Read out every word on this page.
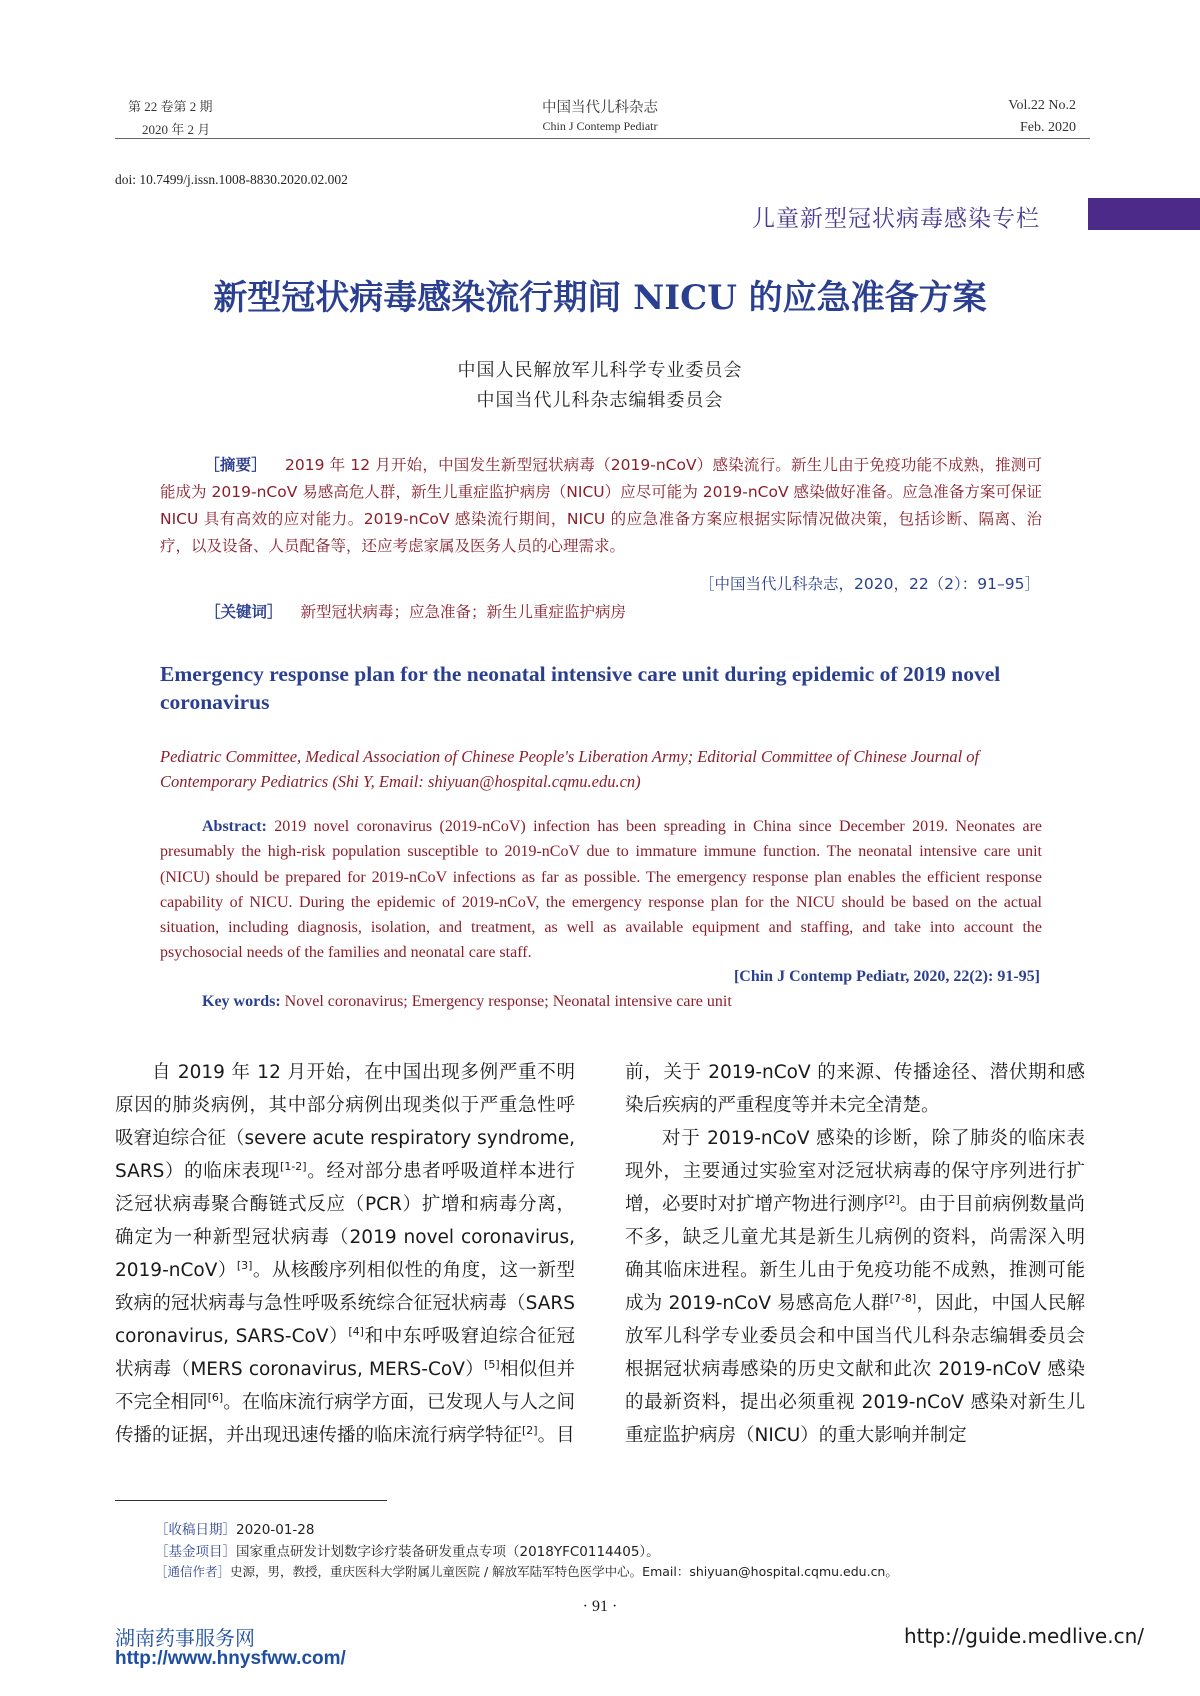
第 22 卷第 2 期
2020 年 2 月
中国当代儿科杂志
Chin J Contemp Pediatr
Vol.22 No.2
Feb. 2020
doi: 10.7499/j.issn.1008-8830.2020.02.002
儿童新型冠状病毒感染专栏
新型冠状病毒感染流行期间 NICU 的应急准备方案
中国人民解放军儿科学专业委员会
中国当代儿科杂志编辑委员会
［摘要］ 2019 年 12 月开始，中国发生新型冠状病毒（2019-nCoV）感染流行。新生儿由于免疫功能不成熟，推测可能成为 2019-nCoV 易感高危人群，新生儿重症监护病房（NICU）应尽可能为 2019-nCoV 感染做好准备。应急准备方案可保证 NICU 具有高效的应对能力。2019-nCoV 感染流行期间，NICU 的应急准备方案应根据实际情况做决策，包括诊断、隔离、治疗，以及设备、人员配备等，还应考虑家属及医务人员的心理需求。
［中国当代儿科杂志，2020，22（2）：91–95］
［关键词］ 新型冠状病毒；应急准备；新生儿重症监护病房
Emergency response plan for the neonatal intensive care unit during epidemic of 2019 novel coronavirus
Pediatric Committee, Medical Association of Chinese People's Liberation Army; Editorial Committee of Chinese Journal of Contemporary Pediatrics (Shi Y, Email: shiyuan@hospital.cqmu.edu.cn)
Abstract: 2019 novel coronavirus (2019-nCoV) infection has been spreading in China since December 2019. Neonates are presumably the high-risk population susceptible to 2019-nCoV due to immature immune function. The neonatal intensive care unit (NICU) should be prepared for 2019-nCoV infections as far as possible. The emergency response plan enables the efficient response capability of NICU. During the epidemic of 2019-nCoV, the emergency response plan for the NICU should be based on the actual situation, including diagnosis, isolation, and treatment, as well as available equipment and staffing, and take into account the psychosocial needs of the families and neonatal care staff.
[Chin J Contemp Pediatr, 2020, 22(2): 91-95]
Key words: Novel coronavirus; Emergency response; Neonatal intensive care unit

自 2019 年 12 月开始，在中国出现多例严重不明原因的肺炎病例，其中部分病例出现类似于严重急性呼吸窘迫综合征（severe acute respiratory syndrome, SARS）的临床表现[1-2]。经对部分患者呼吸道样本进行泛冠状病毒聚合酶链式反应（PCR）扩增和病毒分离，确定为一种新型冠状病毒（2019 novel coronavirus, 2019-nCoV）[3]。从核酸序列相似性的角度，这一新型致病的冠状病毒与急性呼吸系统综合征冠状病毒（SARS coronavirus, SARS-CoV）[4]和中东呼吸窘迫综合征冠状病毒（MERS coronavirus, MERS-CoV）[5]相似但并不完全相同[6]。在临床流行病学方面，已发现人与人之间传播的证据，并出现迅速传播的临床流行病学特征[2]。目

前，关于 2019-nCoV 的来源、传播途径、潜伏期和感染后疾病的严重程度等并未完全清楚。

对于 2019-nCoV 感染的诊断，除了肺炎的临床表现外，主要通过实验室对泛冠状病毒的保守序列进行扩增，必要时对扩增产物进行测序[2]。由于目前病例数量尚不多，缺乏儿童尤其是新生儿病例的资料，尚需深入明确其临床进程。新生儿由于免疫功能不成熟，推测可能成为 2019-nCoV 易感高危人群[7-8]，因此，中国人民解放军儿科学专业委员会和中国当代儿科杂志编辑委员会根据冠状病毒感染的历史文献和此次 2019-nCoV 感染的最新资料，提出必须重视 2019-nCoV 感染对新生儿重症监护病房（NICU）的重大影响并制定

［收稿日期］2020-01-28
［基金项目］国家重点研发计划数字诊疗装备研发重点专项（2018YFC0114405）。
［通信作者］史源，男，教授，重庆医科大学附属儿童医院 / 解放军陆军特色医学中心。Email：shiyuan@hospital.cqmu.edu.cn。
· 91 ·
湖南药事服务网
http://www.hnysfww.com/
http://guide.medlive.cn/
